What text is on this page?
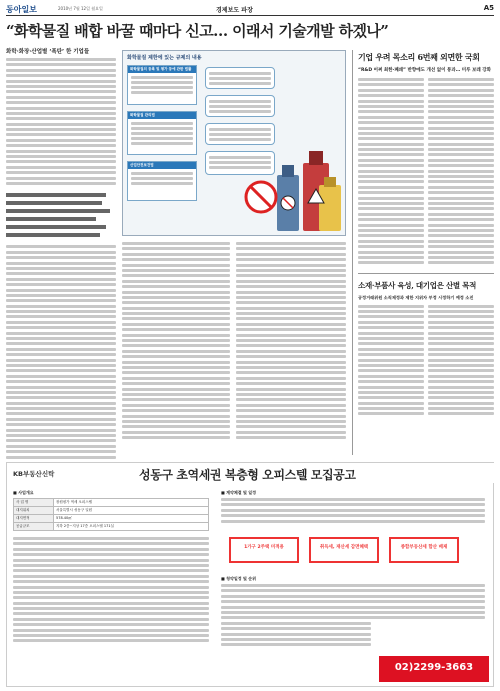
동아일보	2010년 7월 12일 월요일	경제보도 파장	A5
“화학물질 배합 바꿀 때마다 신고… 이래서 기술개발 하겠나”
화학·화장·산업별 ‘폭탄’ 한 기업들
화학물질 제한에 있는 규제의 내용
화학물질의 등록 및 평가 등에 관한 법률
화학물질 관리법
산업안전보건법
기업 우려 목소리 6번째 외면한 국회
“R&D 어쩌 최한·폐쇄” 반향에도 개선 없이 통과… 미루 보레 강화
소재·부품사 육성, 대기업은 산별 목적
공정거래위원 소직제정과 제한 지위자 부정 시정하기 예정 소진
KB부동산신탁	성동구 초역세권 복층형 오피스텔 모집공고
■ 사업개요
사 업 명	장원평가 역세 오피스텔
대지위치	서울특별시 성동구 일원
대지면적	578.40㎡
공급규모	지하 2층~지상 17층 오피스텔 171실
■ 계약체결 및 일정
1가구 2주택 미적용	취득세, 재산세 감면혜택	종합부동산세 합산 배제
■ 청약일정 및 순위
02)2299-3663
